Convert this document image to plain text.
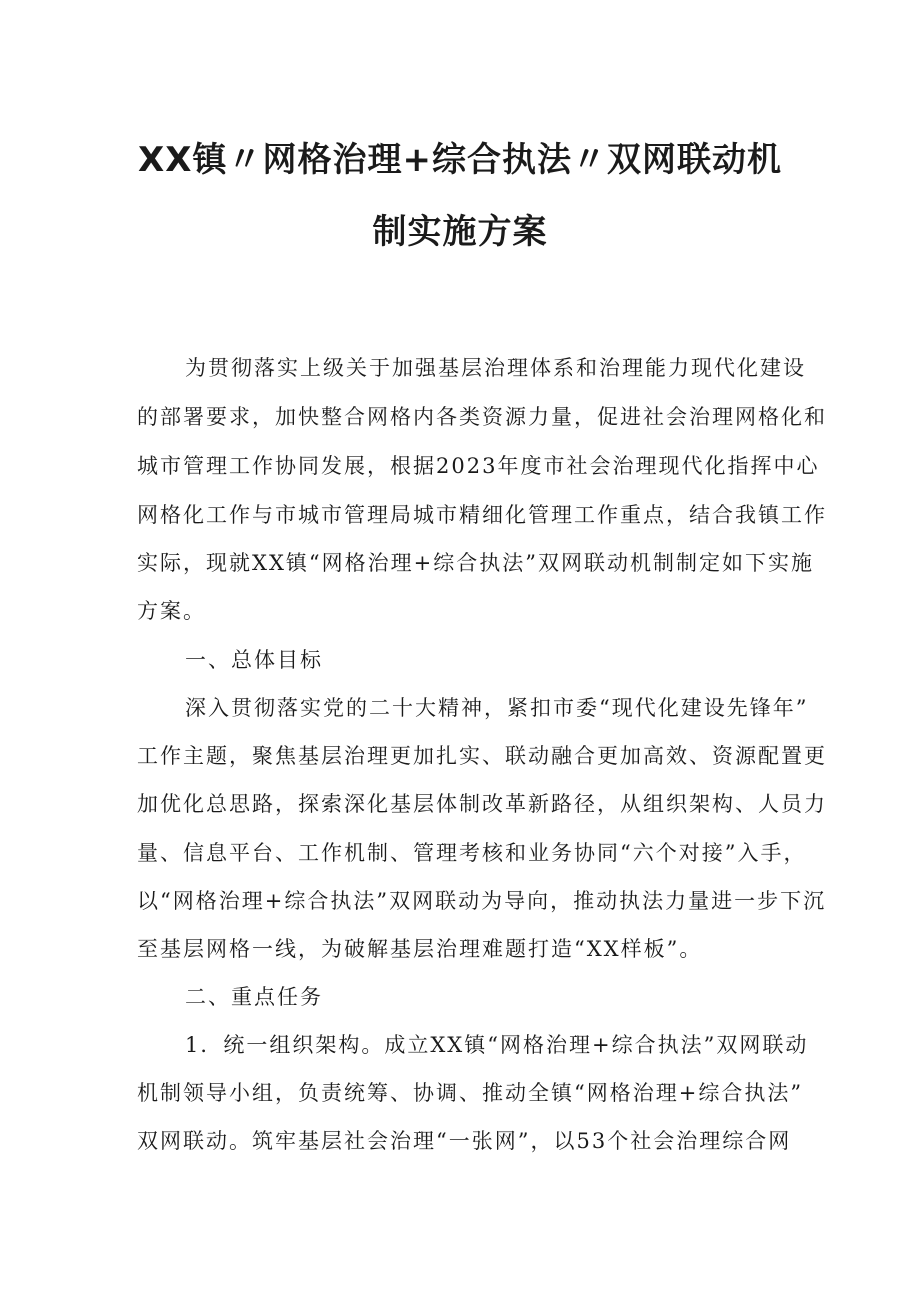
XX镇〃网格治理+综合执法〃双网联动机
制实施方案
为贯彻落实上级关于加强基层治理体系和治理能力现代化建设
的部署要求，加快整合网格内各类资源力量，促进社会治理网格化和
城市管理工作协同发展，根据2023年度市社会治理现代化指挥中心
网格化工作与市城市管理局城市精细化管理工作重点，结合我镇工作
实际，现就XX镇“网格治理+综合执法”双网联动机制制定如下实施
方案。
一、总体目标
深入贯彻落实党的二十大精神，紧扣市委“现代化建设先锋年”
工作主题，聚焦基层治理更加扎实、联动融合更加高效、资源配置更
加优化总思路，探索深化基层体制改革新路径，从组织架构、人员力
量、信息平台、工作机制、管理考核和业务协同“六个对接”入手，
以“网格治理+综合执法”双网联动为导向，推动执法力量进一步下沉
至基层网格一线，为破解基层治理难题打造“XX样板”。
二、重点任务
1．统一组织架构。成立XX镇“网格治理+综合执法”双网联动
机制领导小组，负责统筹、协调、推动全镇“网格治理+综合执法”
双网联动。筑牢基层社会治理“一张网”，以53个社会治理综合网
